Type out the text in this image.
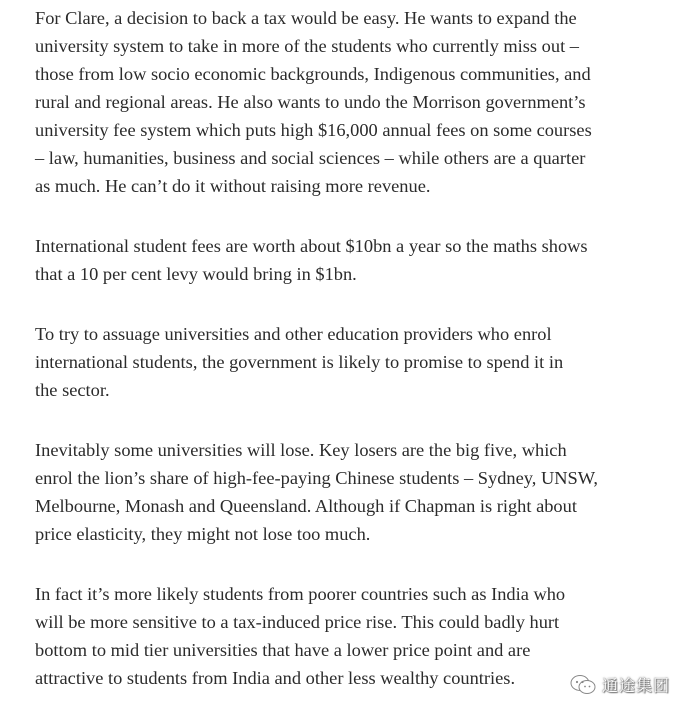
For Clare, a decision to back a tax would be easy. He wants to expand the
university system to take in more of the students who currently miss out –
those from low socio economic backgrounds, Indigenous communities, and
rural and regional areas. He also wants to undo the Morrison government’s
university fee system which puts high $16,000 annual fees on some courses
– law, humanities, business and social sciences – while others are a quarter
as much. He can’t do it without raising more revenue.

International student fees are worth about $10bn a year so the maths shows
that a 10 per cent levy would bring in $1bn.

To try to assuage universities and other education providers who enrol
international students, the government is likely to promise to spend it in
the sector.

Inevitably some universities will lose. Key losers are the big five, which
enrol the lion’s share of high-fee-paying Chinese students – Sydney, UNSW,
Melbourne, Monash and Queensland. Although if Chapman is right about
price elasticity, they might not lose too much.

In fact it’s more likely students from poorer countries such as India who
will be more sensitive to a tax-induced price rise. This could badly hurt
bottom to mid tier universities that have a lower price point and are
attractive to students from India and other less wealthy countries.	通途集团
